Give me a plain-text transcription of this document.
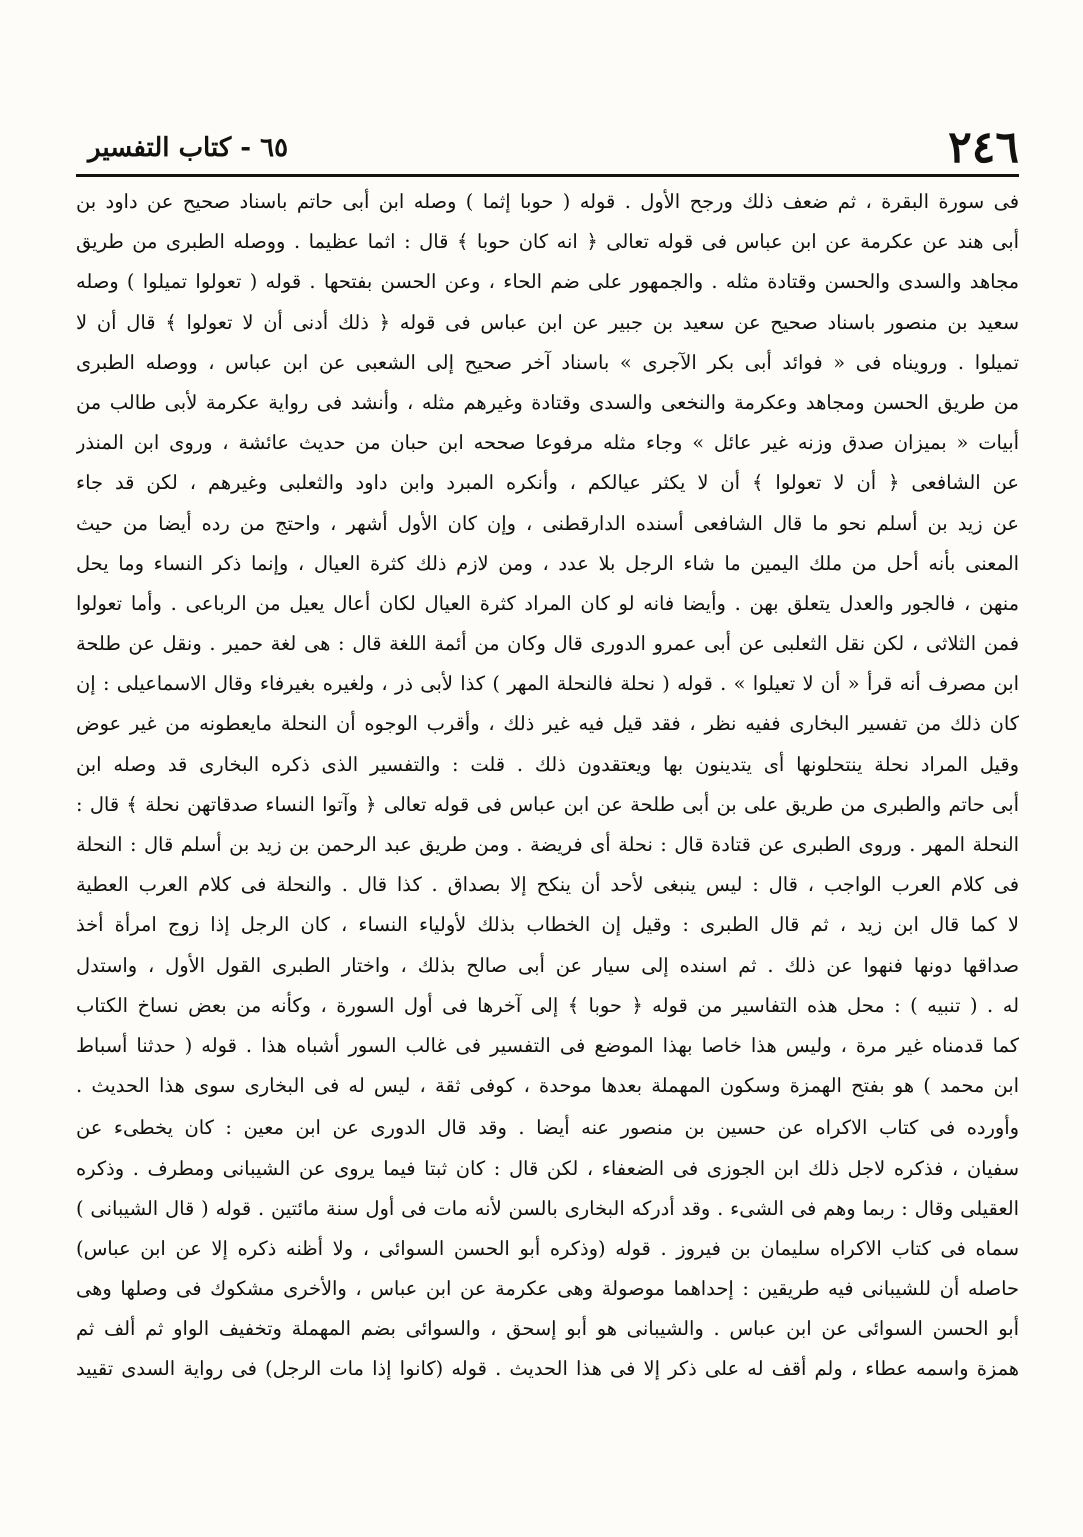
٢٤٦
٦٥ - كتاب التفسير
فى سورة البقرة ، ثم ضعف ذلك ورجح الأول . قوله ( حوبا إثما ) وصله ابن أبى حاتم باسناد صحيح عن داود بن
أبى هند عن عكرمة عن ابن عباس فى قوله تعالى ﴿ انه كان حوبا ﴾ قال : اثما عظيما . ووصله الطبرى من طريق
مجاهد والسدى والحسن وقتادة مثله . والجمهور على ضم الحاء ، وعن الحسن بفتحها . قوله ( تعولوا تميلوا ) وصله
سعيد بن منصور باسناد صحيح عن سعيد بن جبير عن ابن عباس فى قوله ﴿ ذلك أدنى أن لا تعولوا ﴾ قال أن لا
تميلوا . ورويناه فى « فوائد أبى بكر الآجرى » باسناد آخر صحيح إلى الشعبى عن ابن عباس ، ووصله الطبرى
من طريق الحسن ومجاهد وعكرمة والنخعى والسدى وقتادة وغيرهم مثله ، وأنشد فى رواية عكرمة لأبى طالب من
أبيات « بميزان صدق وزنه غير عائل » وجاء مثله مرفوعا صححه ابن حبان من حديث عائشة ، وروى ابن المنذر
عن الشافعى ﴿ أن لا تعولوا ﴾ أن لا يكثر عيالكم ، وأنكره المبرد وابن داود والثعلبى وغيرهم ، لكن قد جاء
عن زيد بن أسلم نحو ما قال الشافعى أسنده الدارقطنى ، وإن كان الأول أشهر ، واحتج من رده أيضا من حيث
المعنى بأنه أحل من ملك اليمين ما شاء الرجل بلا عدد ، ومن لازم ذلك كثرة العيال ، وإنما ذكر النساء وما يحل
منهن ، فالجور والعدل يتعلق بهن . وأيضا فانه لو كان المراد كثرة العيال لكان أعال يعيل من الرباعى . وأما تعولوا
فمن الثلاثى ، لكن نقل الثعلبى عن أبى عمرو الدورى قال وكان من أئمة اللغة قال : هى لغة حمير . ونقل عن طلحة
ابن مصرف أنه قرأ « أن لا تعيلوا » . قوله ( نحلة فالنحلة المهر ) كذا لأبى ذر ، ولغيره بغيرفاء وقال الاسماعيلى : إن
كان ذلك من تفسير البخارى ففيه نظر ، فقد قيل فيه غير ذلك ، وأقرب الوجوه أن النحلة مايعطونه من غير عوض
وقيل المراد نحلة ينتحلونها أى يتدينون بها ويعتقدون ذلك . قلت : والتفسير الذى ذكره البخارى قد وصله ابن
أبى حاتم والطبرى من طريق على بن أبى طلحة عن ابن عباس فى قوله تعالى ﴿ وآتوا النساء صدقاتهن نحلة ﴾ قال :
النحلة المهر . وروى الطبرى عن قتادة قال : نحلة أى فريضة . ومن طريق عبد الرحمن بن زيد بن أسلم قال : النحلة
فى كلام العرب الواجب ، قال : ليس ينبغى لأحد أن ينكح إلا بصداق . كذا قال . والنحلة فى كلام العرب العطية
لا كما قال ابن زيد ، ثم قال الطبرى : وقيل إن الخطاب بذلك لأولياء النساء ، كان الرجل إذا زوج امرأة أخذ
صداقها دونها فنهوا عن ذلك . ثم اسنده إلى سيار عن أبى صالح بذلك ، واختار الطبرى القول الأول ، واستدل
له . ( تنبيه ) : محل هذه التفاسير من قوله ﴿ حوبا ﴾ إلى آخرها فى أول السورة ، وكأنه من بعض نساخ الكتاب
كما قدمناه غير مرة ، وليس هذا خاصا بهذا الموضع فى التفسير فى غالب السور أشباه هذا . قوله ( حدثنا أسباط
ابن محمد ) هو بفتح الهمزة وسكون المهملة بعدها موحدة ، كوفى ثقة ، ليس له فى البخارى سوى هذا الحديث .
وأورده فى كتاب الاكراه عن حسين بن منصور عنه أيضا . وقد قال الدورى عن ابن معين : كان يخطىء عن
سفيان ، فذكره لاجل ذلك ابن الجوزى فى الضعفاء ، لكن قال : كان ثبتا فيما يروى عن الشيبانى ومطرف . وذكره
العقيلى وقال : ربما وهم فى الشىء . وقد أدركه البخارى بالسن لأنه مات فى أول سنة مائتين . قوله ( قال الشيبانى )
سماه فى كتاب الاكراه سليمان بن فيروز . قوله (وذكره أبو الحسن السوائى ، ولا أظنه ذكره إلا عن ابن عباس)
حاصله أن للشيبانى فيه طريقين : إحداهما موصولة وهى عكرمة عن ابن عباس ، والأخرى مشكوك فى وصلها وهى
أبو الحسن السوائى عن ابن عباس . والشيبانى هو أبو إسحق ، والسوائى بضم المهملة وتخفيف الواو ثم ألف ثم
همزة واسمه عطاء ، ولم أقف له على ذكر إلا فى هذا الحديث . قوله (كانوا إذا مات الرجل) فى رواية السدى تقييد
